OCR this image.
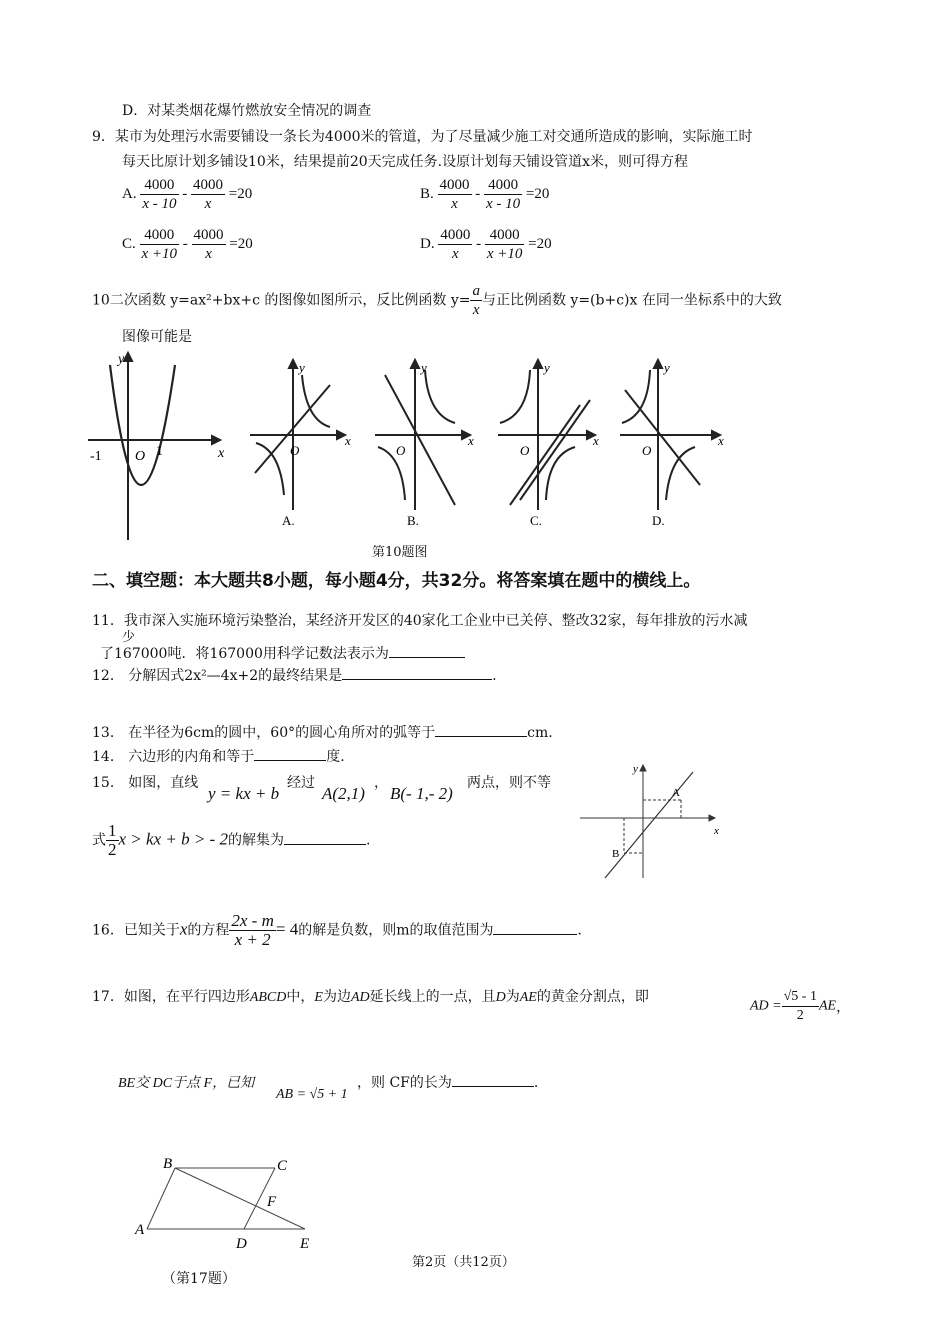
D．对某类烟花爆竹燃放安全情况的调查
9．某市为处理污水需要铺设一条长为4000米的管道，为了尽量减少施工对交通所造成的影响，实际施工时
每天比原计划多铺设10米，结果提前20天完成任务.设原计划每天铺设管道x米，则可得方程
A. $\frac{4000}{x - 10} - \frac{4000}{x} =20$	B. $\frac{4000}{x} - \frac{4000}{x - 10} =20$
C. $\frac{4000}{x +10} - \frac{4000}{x} =20$	D. $\frac{4000}{x} - \frac{4000}{x +10} =20$
10二次函数 y=ax²+bx+c 的图像如图所示，反比例函数 $y= \frac{a}{x}$ 与正比例函数 y=(b+c)x 在同一坐标系中的大致
图像可能是
y
x
O
-1	1
y
x
O
A.
y
x
O
B.
y
x
O
C.
y
x
O
D.
第10题图
二、填空题：本大题共8小题，每小题4分，共32分。将答案填在题中的横线上。
11．我市深入实施环境污染整治，某经济开发区的40家化工企业中已关停、整改32家，每年排放的污水减
少
了167000吨．将167000用科学记数法表示为
12． 分解因式2x²—4x+2的最终结果是	.
13． 在半径为6cm的圆中，60°的圆心角所对的弧等于	cm.
14． 六边形的内角和等于	度.
15． 如图，直线
y = kx + b
经过
A(2,1)
，
B(- 1,- 2)
两点，则不等
式 $\frac{1}{2}$ x > kx + b > - 2的解集为	.
y
x
A
B
16．已知关于x的方程 $\frac{2x - m}{x + 2} = 4$的解是负数，则m的取值范围为	.
17．如图，在平行四边形ABCD中，E为边AD延长线上的一点，且D为AE的黄金分割点，即
AD = $\frac{√5 - 1}{2}$ AE，
BE交 DC于点 F，已知
AB = √5 + 1
，则 CF的长为	.
B	C
A
D	E
F
（第17题）
第2页（共12页）
